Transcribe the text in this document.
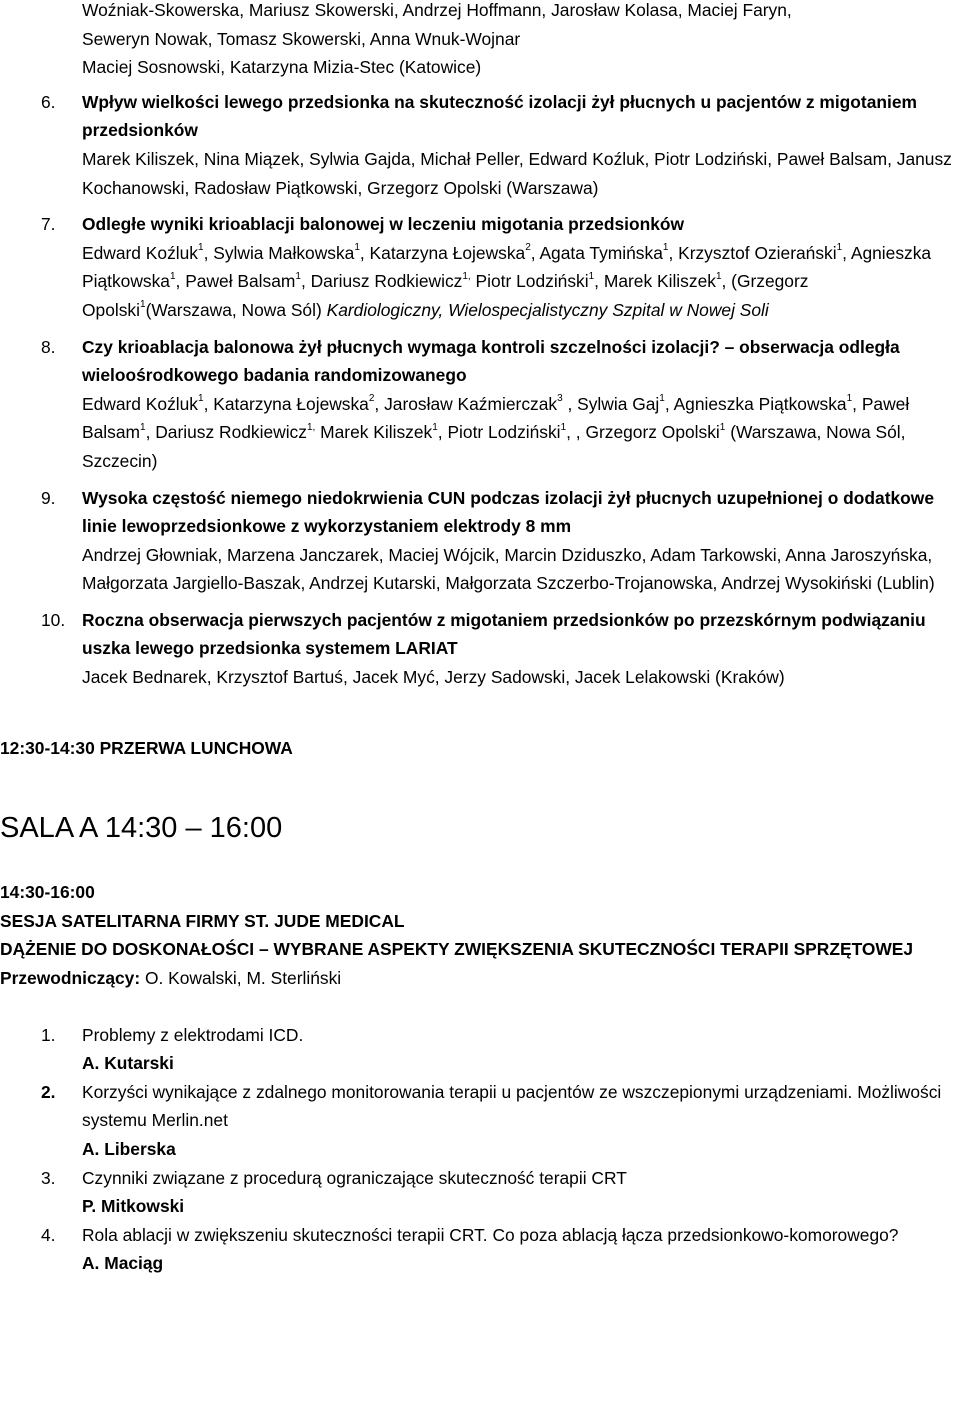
Woźniak-Skowerska, Mariusz Skowerski, Andrzej Hoffmann, Jarosław Kolasa, Maciej Faryn,
Seweryn Nowak, Tomasz Skowerski, Anna Wnuk-Wojnar
Maciej Sosnowski, Katarzyna Mizia-Stec (Katowice)
6. Wpływ wielkości lewego przedsionka na skuteczność izolacji żył płucnych u pacjentów z migotaniem przedsionków
Marek Kiliszek, Nina Miązek, Sylwia Gajda, Michał Peller, Edward Koźluk, Piotr Lodziński, Paweł Balsam, Janusz Kochanowski, Radosław Piątkowski, Grzegorz Opolski (Warszawa)
7. Odległe wyniki krioablacji balonowej w leczeniu migotania przedsionków
Edward Koźluk$^1$, Sylwia Małkowska$^1$, Katarzyna Łojewska$^2$, Agata Tymińska$^1$, Krzysztof Ozierański$^1$, Agnieszka Piątkowska$^1$, Paweł Balsam$^1$, Dariusz Rodkiewicz$^{1,}$ Piotr Lodziński$^1$, Marek Kiliszek$^1$, (Grzegorz Opolski$^1$(Warszawa, Nowa Sól) Kardiologiczny, Wielospecjalistyczny Szpital w Nowej Soli
8. Czy krioablacja balonowa żył płucnych wymaga kontroli szczelności izolacji? – obserwacja odległa wieloośrodkowego badania randomizowanego
Edward Koźluk$^1$, Katarzyna Łojewska$^2$, Jarosław Kaźmierczak$^3$ , Sylwia Gaj$^1$, Agnieszka Piątkowska$^1$, Paweł Balsam$^1$, Dariusz Rodkiewicz$^{1,}$ Marek Kiliszek$^1$, Piotr Lodziński$^1$, , Grzegorz Opolski$^1$ (Warszawa, Nowa Sól, Szczecin)
9. Wysoka częstość niemego niedokrwienia CUN podczas izolacji żył płucnych uzupełnionej o dodatkowe linie lewoprzedsionkowe z wykorzystaniem elektrody 8 mm
Andrzej Głowniak, Marzena Janczarek, Maciej Wójcik, Marcin Dziduszko, Adam Tarkowski, Anna Jaroszyńska, Małgorzata Jargiello-Baszak, Andrzej Kutarski, Małgorzata Szczerbo-Trojanowska, Andrzej Wysokiński (Lublin)
10. Roczna obserwacja pierwszych pacjentów z migotaniem przedsionków po przezskórnym podwiązaniu uszka lewego przedsionka systemem LARIAT
Jacek Bednarek, Krzysztof Bartuś, Jacek Myć, Jerzy Sadowski, Jacek Lelakowski (Kraków)
12:30-14:30 PRZERWA LUNCHOWA
SALA A 14:30 – 16:00
14:30-16:00
SESJA SATELITARNA FIRMY ST. JUDE MEDICAL
DĄŻENIE DO DOSKONAŁOŚCI – WYBRANE ASPEKTY ZWIĘKSZENIA SKUTECZNOŚCI TERAPII SPRZĘTOWEJ
Przewodniczący: O. Kowalski, M. Sterliński
1. Problemy z elektrodami ICD.
A. Kutarski
2. Korzyści wynikające z zdalnego monitorowania terapii u pacjentów ze wszczepionymi urządzeniami. Możliwości systemu Merlin.net
A. Liberska
3. Czynniki związane z procedurą ograniczające skuteczność terapii CRT
P. Mitkowski
4. Rola ablacji w zwiększeniu skuteczności terapii CRT. Co poza ablacją łącza przedsionkowo-komorowego?
A. Maciąg
